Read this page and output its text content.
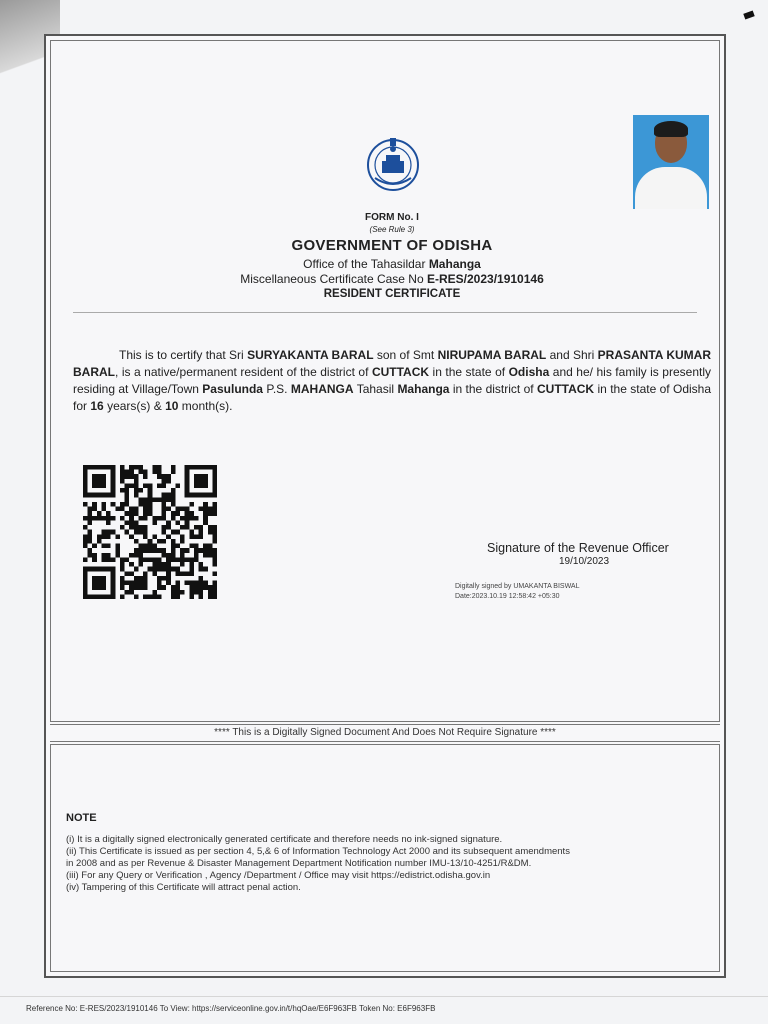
FORM No. I
(See Rule 3)
GOVERNMENT OF ODISHA
Office of the Tahasildar Mahanga
Miscellaneous Certificate Case No E-RES/2023/1910146
RESIDENT CERTIFICATE
This is to certify that Sri SURYAKANTA BARAL son of Smt NIRUPAMA BARAL and Shri PRASANTA KUMAR BARAL, is a native/permanent resident of the district of CUTTACK in the state of Odisha and he/ his family is presently residing at Village/Town Pasulunda P.S. MAHANGA Tahasil Mahanga in the district of CUTTACK in the state of Odisha for 16 years(s) & 10 month(s).
Signature of the Revenue Officer
19/10/2023
Digitally signed by UMAKANTA BISWAL
Date:2023.10.19 12:58:42 +05:30
**** This is a Digitally Signed Document And Does Not Require Signature ****
NOTE
(i) It is a digitally signed electronically generated certificate and therefore needs no ink-signed signature.
(ii) This Certificate is issued as per section 4, 5,& 6 of Information Technology Act 2000 and its subsequent amendments
in 2008 and as per Revenue & Disaster Management Department Notification number IMU-13/10-4251/R&DM.
(iii) For any Query or Verification , Agency /Department / Office may visit https://edistrict.odisha.gov.in
(iv) Tampering of this Certificate will attract penal action.
Reference No: E-RES/2023/1910146 To View: https://serviceonline.gov.in/t/hqOae/E6F963FB Token No: E6F963FB
